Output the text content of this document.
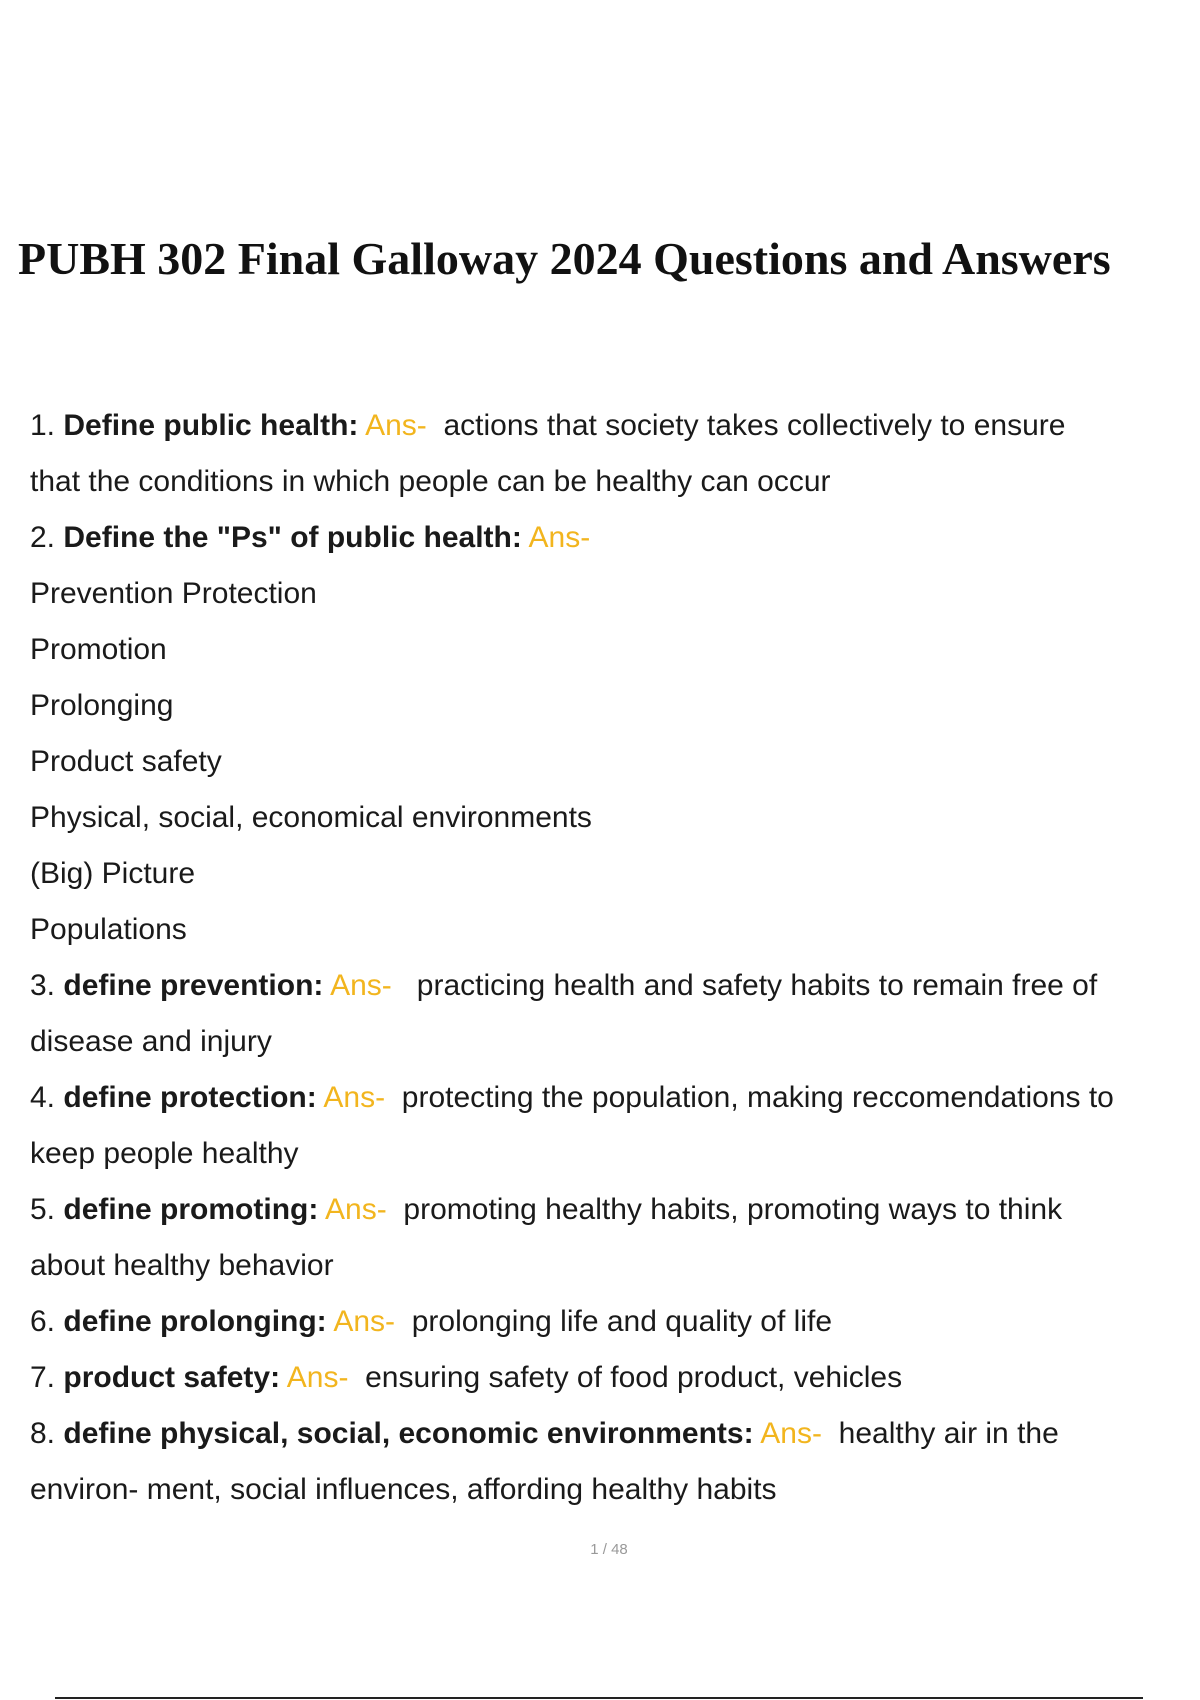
PUBH 302 Final Galloway 2024 Questions and Answers
1. Define public health: Ans- actions that society takes collectively to ensure
that the conditions in which people can be healthy can occur
2. Define the "Ps" of public health: Ans-
Prevention Protection
Promotion
Prolonging
Product safety
Physical, social, economical environments
(Big) Picture
Populations
3. define prevention: Ans- practicing health and safety habits to remain free of
disease and injury
4. define protection: Ans- protecting the population, making reccomendations to
keep people healthy
5. define promoting: Ans- promoting healthy habits, promoting ways to think
about healthy behavior
6. define prolonging: Ans- prolonging life and quality of life
7. product safety: Ans- ensuring safety of food product, vehicles
8. define physical, social, economic environments: Ans- healthy air in the
environ- ment, social influences, affording healthy habits
1 / 48
